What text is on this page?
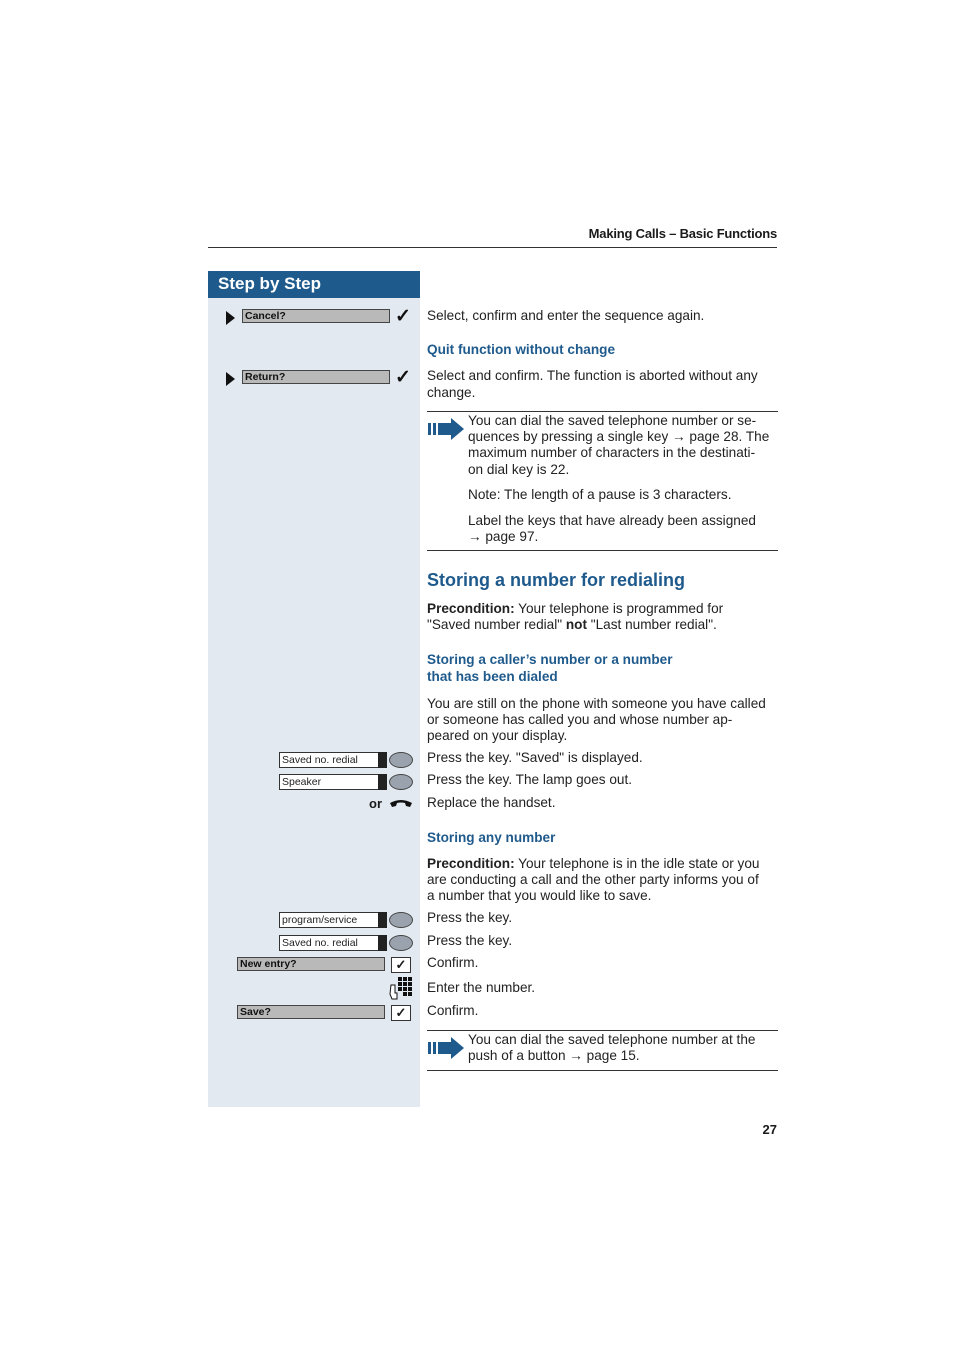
Making Calls – Basic Functions
Step by Step
Cancel?	✓ Select, confirm and enter the sequence again.
Quit function without change
Return?	✓ Select and confirm. The function is aborted without any
change.
You can dial the saved telephone number or se-
quences by pressing a single key → page 28. The
maximum number of characters in the destinati-
on dial key is 22.
Note: The length of a pause is 3 characters.
Label the keys that have already been assigned
→ page 97.
Storing a number for redialing
Precondition: Your telephone is programmed for
"Saved number redial" not "Last number redial".
Storing a caller’s number or a number
that has been dialed
You are still on the phone with someone you have called
or someone has called you and whose number ap-
peared on your display.
Saved no. redial	Press the key. "Saved" is displayed.
Speaker	Press the key. The lamp goes out.
or	Replace the handset.
Storing any number
Precondition: Your telephone is in the idle state or you
are conducting a call and the other party informs you of
a number that you would like to save.
program/service	Press the key.
Saved no. redial	Press the key.
New entry?	✓	Confirm.
Enter the number.
Save?	✓	Confirm.
You can dial the saved telephone number at the
push of a button → page 15.
27
